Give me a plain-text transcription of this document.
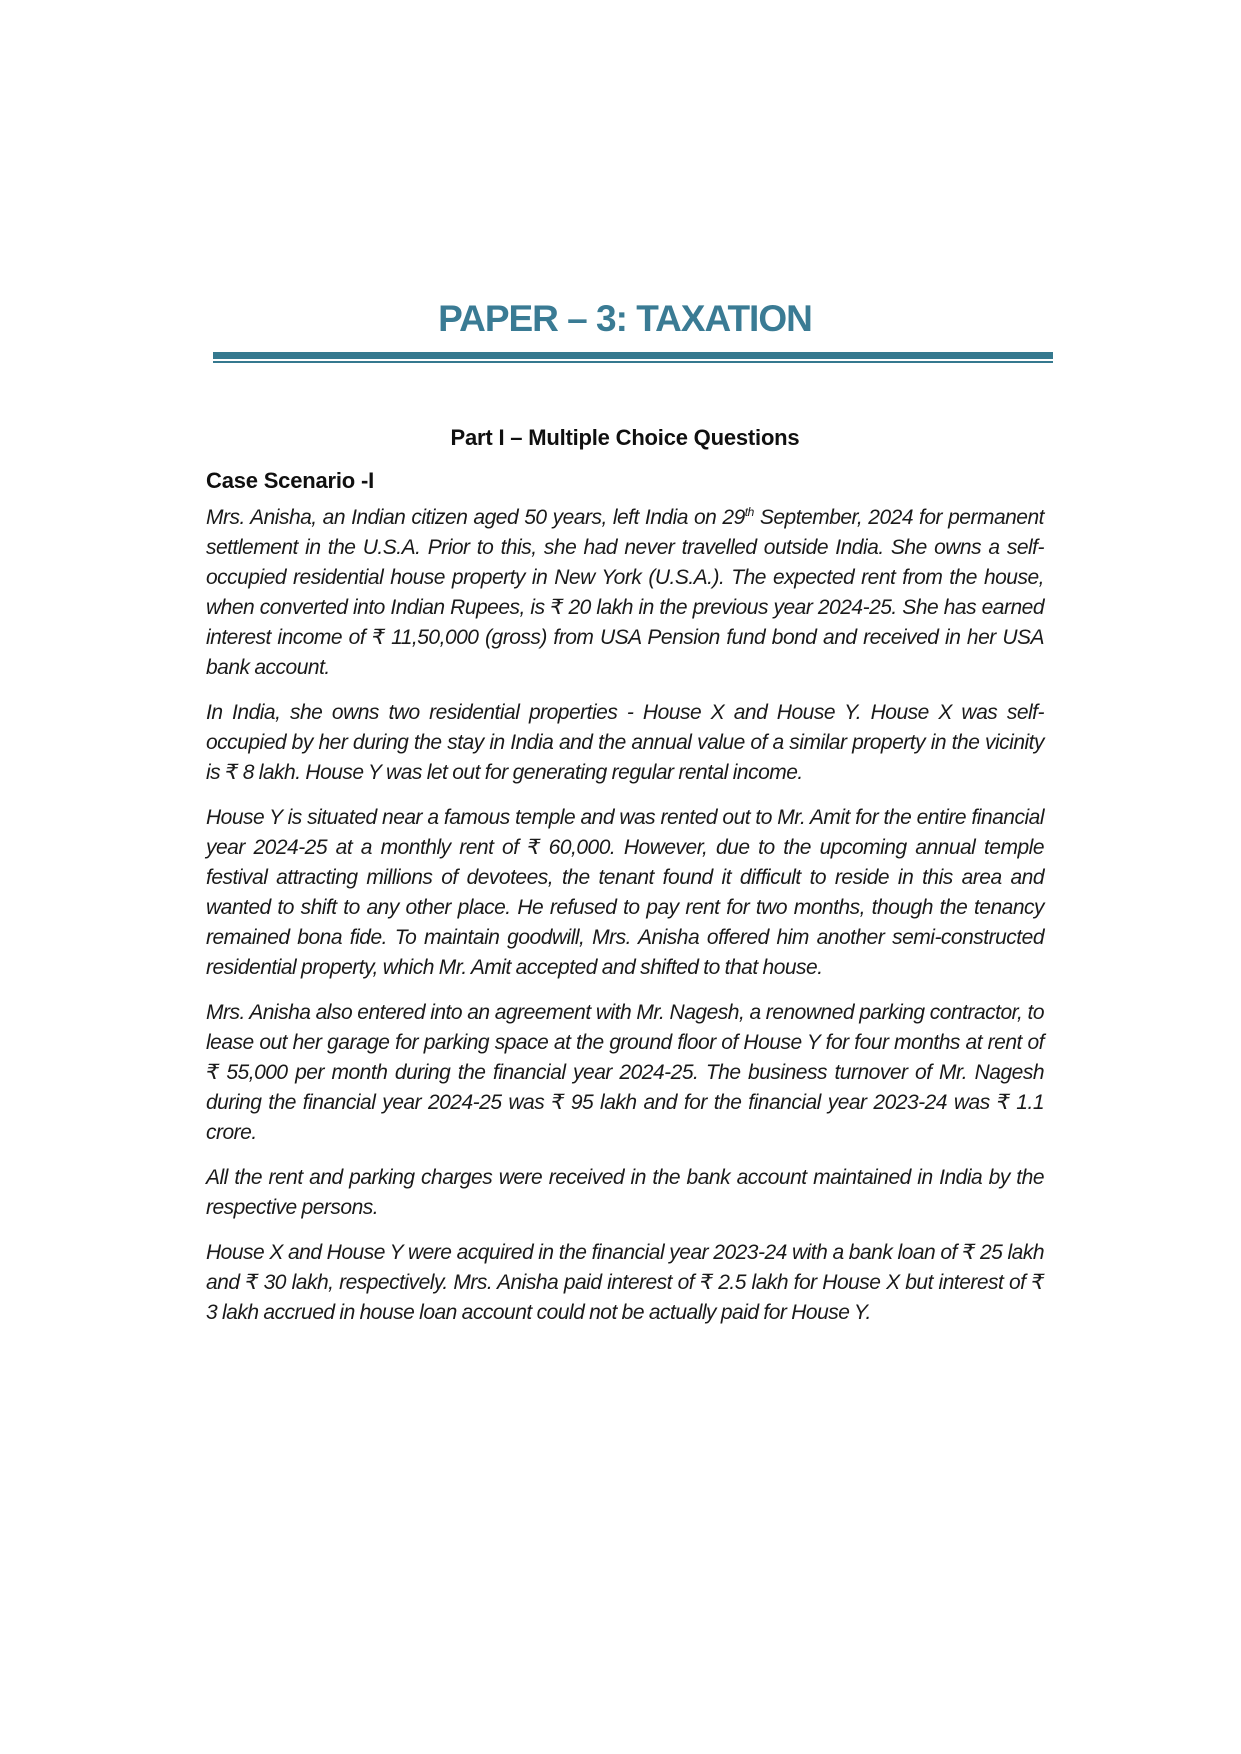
PAPER – 3: TAXATION
Part I – Multiple Choice Questions
Case Scenario -I

Mrs. Anisha, an Indian citizen aged 50 years, left India on 29th September, 2024 for permanent settlement in the U.S.A. Prior to this, she had never travelled outside India. She owns a self-occupied residential house property in New York (U.S.A.). The expected rent from the house, when converted into Indian Rupees, is ₹ 20 lakh in the previous year 2024-25. She has earned interest income of ₹ 11,50,000 (gross) from USA Pension fund bond and received in her USA bank account.

In India, she owns two residential properties - House X and House Y. House X was self-occupied by her during the stay in India and the annual value of a similar property in the vicinity is ₹ 8 lakh. House Y was let out for generating regular rental income.

House Y is situated near a famous temple and was rented out to Mr. Amit for the entire financial year 2024-25 at a monthly rent of ₹ 60,000. However, due to the upcoming annual temple festival attracting millions of devotees, the tenant found it difficult to reside in this area and wanted to shift to any other place. He refused to pay rent for two months, though the tenancy remained bona fide. To maintain goodwill, Mrs. Anisha offered him another semi-constructed residential property, which Mr. Amit accepted and shifted to that house.

Mrs. Anisha also entered into an agreement with Mr. Nagesh, a renowned parking contractor, to lease out her garage for parking space at the ground floor of House Y for four months at rent of ₹ 55,000 per month during the financial year 2024-25. The business turnover of Mr. Nagesh during the financial year 2024-25 was ₹ 95 lakh and for the financial year 2023-24 was ₹ 1.1 crore.

All the rent and parking charges were received in the bank account maintained in India by the respective persons.

House X and House Y were acquired in the financial year 2023-24 with a bank loan of ₹ 25 lakh and ₹ 30 lakh, respectively. Mrs. Anisha paid interest of ₹ 2.5 lakh for House X but interest of ₹ 3 lakh accrued in house loan account could not be actually paid for House Y.
